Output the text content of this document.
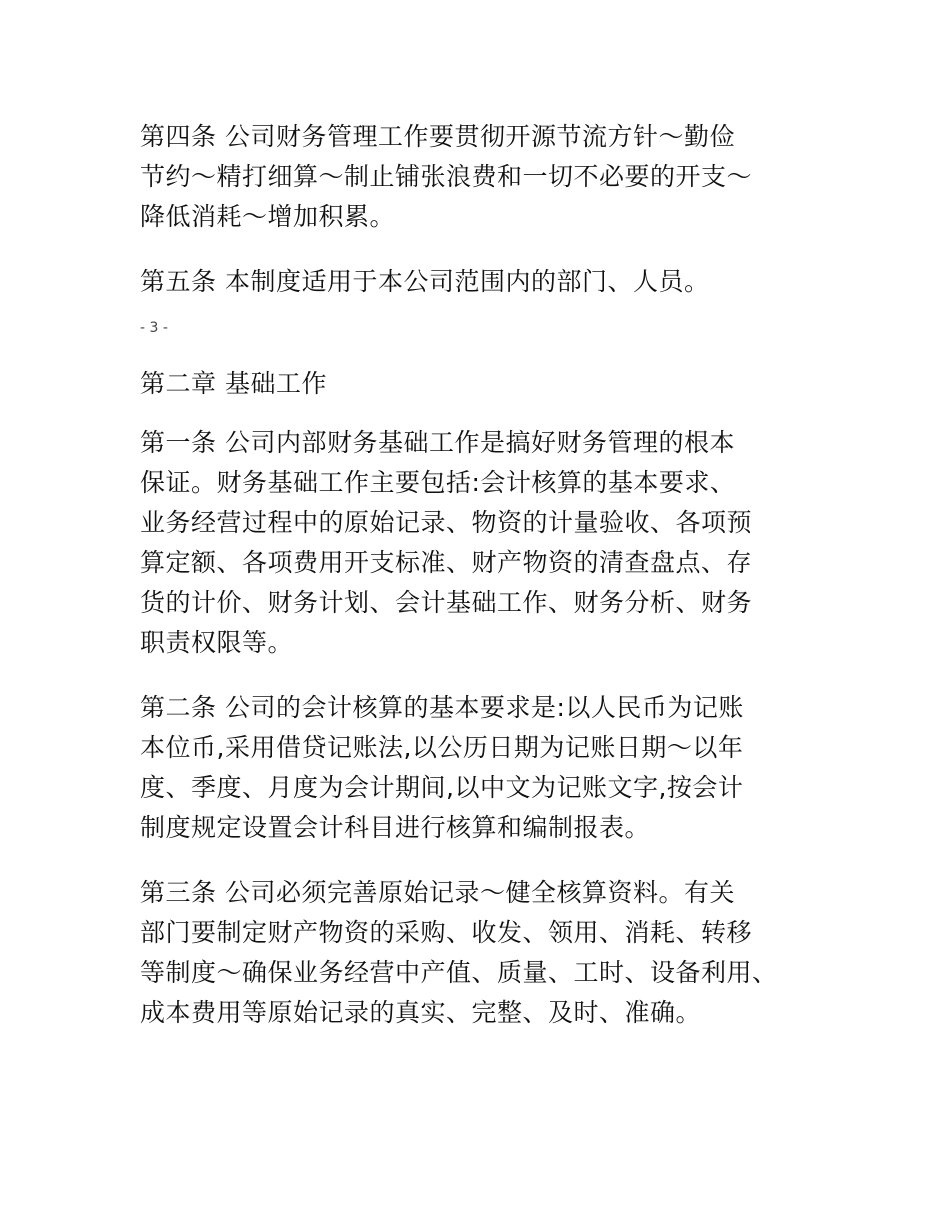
第四条 公司财务管理工作要贯彻开源节流方针～勤俭
节约～精打细算～制止铺张浪费和一切不必要的开支～
降低消耗～增加积累。

第五条 本制度适用于本公司范围内的部门、人员。

- 3 -

第二章 基础工作

第一条 公司内部财务基础工作是搞好财务管理的根本
保证。财务基础工作主要包括:会计核算的基本要求、
业务经营过程中的原始记录、物资的计量验收、各项预
算定额、各项费用开支标准、财产物资的清查盘点、存
货的计价、财务计划、会计基础工作、财务分析、财务
职责权限等。

第二条 公司的会计核算的基本要求是:以人民币为记账
本位币,采用借贷记账法,以公历日期为记账日期～以年
度、季度、月度为会计期间,以中文为记账文字,按会计
制度规定设置会计科目进行核算和编制报表。

第三条 公司必须完善原始记录～健全核算资料。有关
部门要制定财产物资的采购、收发、领用、消耗、转移
等制度～确保业务经营中产值、质量、工时、设备利用、
成本费用等原始记录的真实、完整、及时、准确。
